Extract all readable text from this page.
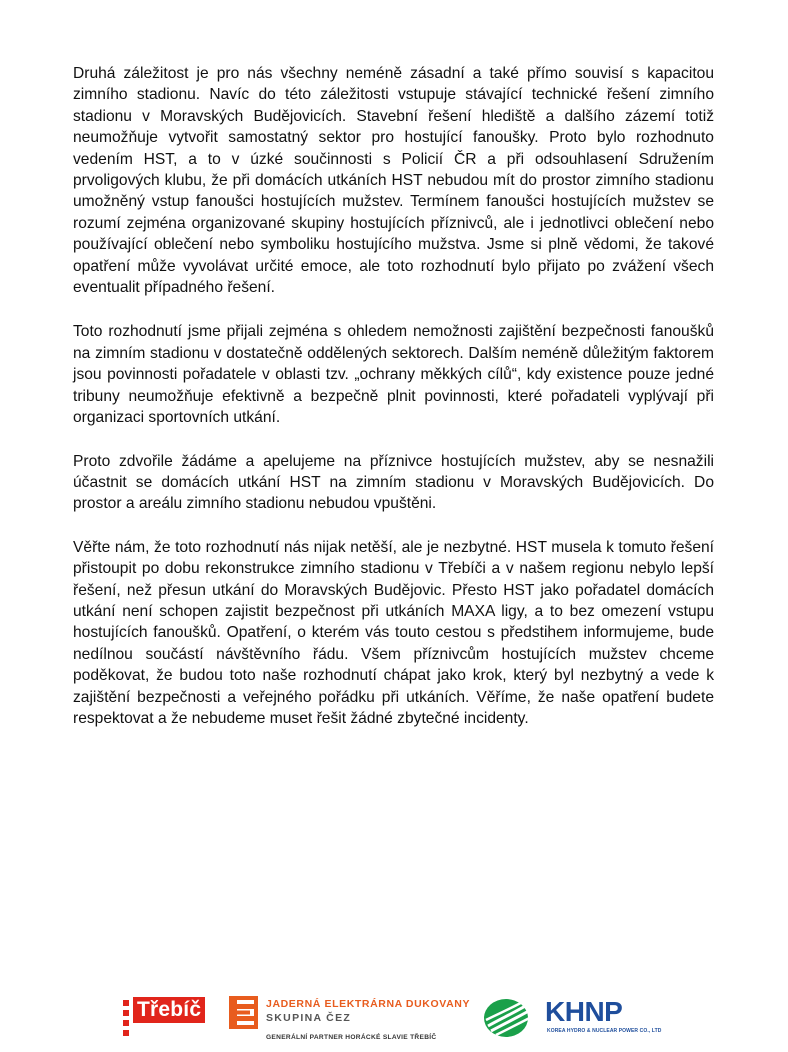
Druhá záležitost je pro nás všechny neméně zásadní a také přímo souvisí s kapacitou zimního stadionu. Navíc do této záležitosti vstupuje stávající technické řešení zimního stadionu v Moravských Budějovicích. Stavební řešení hlediště a dalšího zázemí totiž neumožňuje vytvořit samostatný sektor pro hostující fanoušky. Proto bylo rozhodnuto vedením HST, a to v úzké součinnosti s Policií ČR a při odsouhlasení Sdružením prvoligových klubu, že při domácích utkáních HST nebudou mít do prostor zimního stadionu umožněný vstup fanoušci hostujících mužstev. Termínem fanoušci hostujících mužstev se rozumí zejména organizované skupiny hostujících příznivců, ale i jednotlivci oblečení nebo používající oblečení nebo symboliku hostujícího mužstva. Jsme si plně vědomi, že takové opatření může vyvolávat určité emoce, ale toto rozhodnutí bylo přijato po zvážení všech eventualit případného řešení.

Toto rozhodnutí jsme přijali zejména s ohledem nemožnosti zajištění bezpečnosti fanoušků na zimním stadionu v dostatečně oddělených sektorech. Dalším neméně důležitým faktorem jsou povinnosti pořadatele v oblasti tzv. „ochrany měkkých cílů“, kdy existence pouze jedné tribuny neumožňuje efektivně a bezpečně plnit povinnosti, které pořadateli vyplývají při organizaci sportovních utkání.

Proto zdvořile žádáme a apelujeme na příznivce hostujících mužstev, aby se nesnažili účastnit se domácích utkání HST na zimním stadionu v Moravských Budějovicích. Do prostor a areálu zimního stadionu nebudou vpuštěni.

Věřte nám, že toto rozhodnutí nás nijak netěší, ale je nezbytné. HST musela k tomuto řešení přistoupit po dobu rekonstrukce zimního stadionu v Třebíči a v našem regionu nebylo lepší řešení, než přesun utkání do Moravských Budějovic. Přesto HST jako pořadatel domácích utkání není schopen zajistit bezpečnost při utkáních MAXA ligy, a to bez omezení vstupu hostujících fanoušků. Opatření, o kterém vás touto cestou s předstihem informujeme, bude nedílnou součástí návštěvního řádu. Všem příznivcům hostujících mužstev chceme poděkovat, že budou toto naše rozhodnutí chápat jako krok, který byl nezbytný a vede k zajištění bezpečnosti a veřejného pořádku při utkáních. Věříme, že naše opatření budete respektovat a že nebudeme muset řešit žádné zbytečné incidenty.

Třebíč	JADERNÁ ELEKTRÁRNA DUKOVANY
SKUPINA ČEZ
GENERÁLNÍ PARTNER HORÁCKÉ SLAVIE TŘEBÍČ
KHNP
KOREA HYDRO & NUCLEAR POWER CO., LTD
